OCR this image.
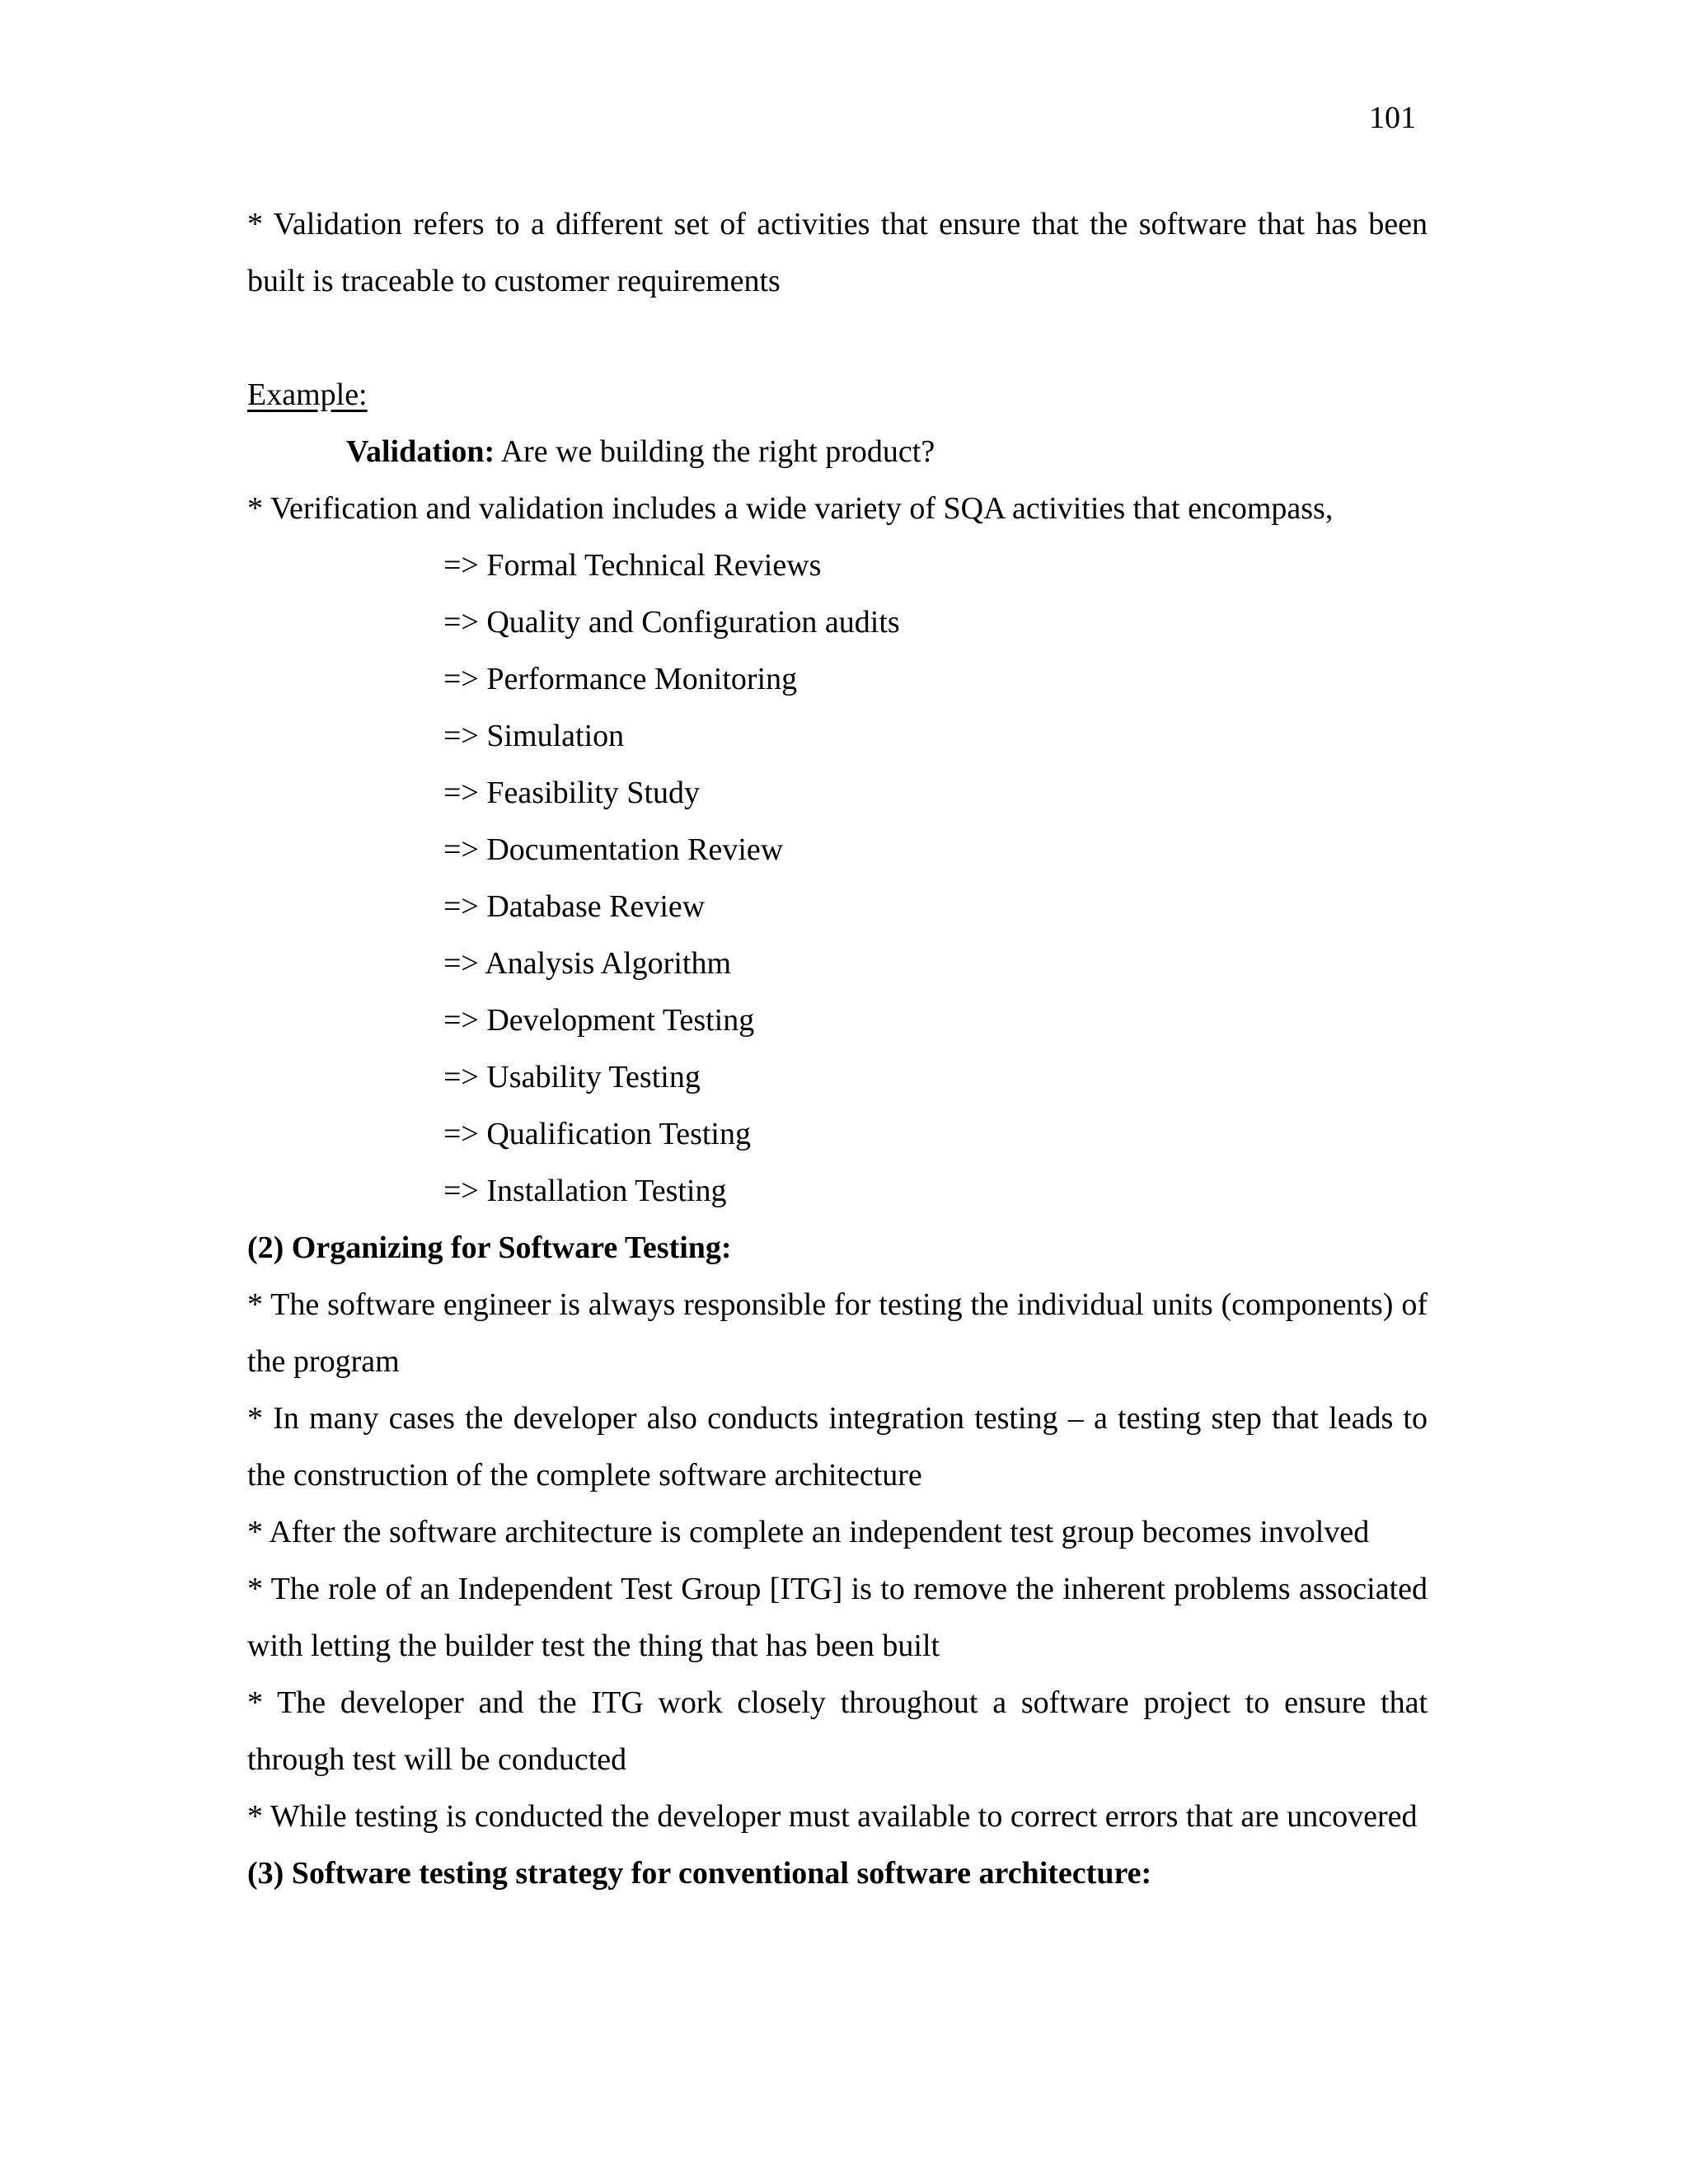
101

* Validation refers to a different set of activities that ensure that the software that has been built is traceable to customer requirements

Example:

Validation: Are we building the right product?

* Verification and validation includes a wide variety of SQA activities that encompass,

=> Formal Technical Reviews
=> Quality and Configuration audits
=> Performance Monitoring
=> Simulation
=> Feasibility Study
=> Documentation Review
=> Database Review
=> Analysis Algorithm
=> Development Testing
=> Usability Testing
=> Qualification Testing
=> Installation Testing

(2) Organizing for Software Testing:

* The software engineer is always responsible for testing the individual units (components) of the program

* In many cases the developer also conducts integration testing – a testing step that leads to the construction of the complete software architecture

* After the software architecture is complete an independent test group becomes involved

* The role of an Independent Test Group [ITG] is to remove the inherent problems associated with letting the builder test the thing that has been built

* The developer and the ITG work closely throughout a software project to ensure that through test will be conducted

* While testing is conducted the developer must available to correct errors that are uncovered

(3) Software testing strategy for conventional software architecture:
